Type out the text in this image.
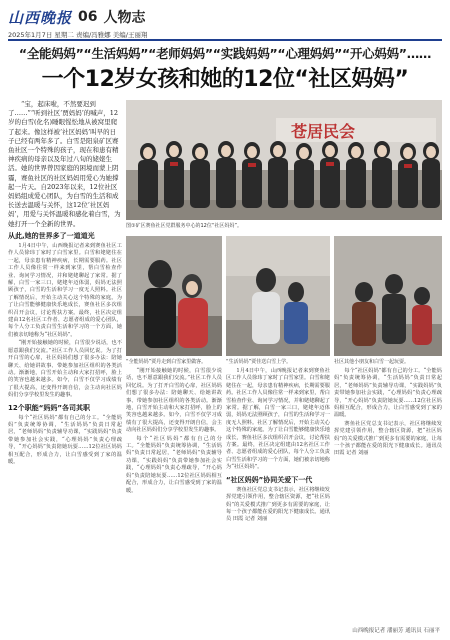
山西晚报 06 人物志
2025年1月7日 星期二 责编/冯雅娜 美编/王丽翔
“全能妈妈”“生活妈妈”“老师妈妈”“实践妈妈”“心理妈妈”“开心妈妈”……
一个12岁女孩和她的12位“社区妈妈”

“宝，起床啦，不然要迟到了……”“听到社区‘贾妈妈’的喊声，12岁的白雪(化名)睡眼惺忪地从被窝里爬了起来。像这样被‘社区妈妈’叫早的日子已经有两年多了。白雪是阳泉矿区赛鱼社区一个特殊的孩子，现在和患有精神疾病的母亲以及年过八旬的姥姥生活。她的世界曾因家庭的困境而蒙上阴霾，赛鱼社区的社区妈妈用爱心为她撑起一片天。自2023年以来，12位社区妈妈组成爱心团队，为白雪的生活和成长送去温暖与关怀，这12位‘社区妈妈’，用爱与关怀温暖和感化着白雪，为她打开一个全新的世界。

苍居民会
图①矿区赛鱼社区党群服务中心的12位“社区妈妈”。
从此,她的世界多了一道道光

1月4日中午，山西晚报记者来到赛鱼社区工作人员徐玮丁家时了白雪家里。白雪和姥姥住在一起，母亲患有精神疾病，长期需要服药。社区工作人员像往常一样来到家里，帮白雪检查作业、询问学习情况，并和姥姥聊起了家常。据了解，白雪一家三口，姥姥年迈体弱，妈妈无法照顾孩子，白雪的生活和学习一度无人照料。社区了解情况后，开始主动关心这个特殊的家庭。为了让白雪能够健康快乐地成长，赛鱼社区多次组织召开会议，讨论帮扶方案。最终，社区决定组建由12名社区工作者、志愿者组成的爱心团队，每个人分工负责白雪生活和学习的一个方面，她们被亲切地称为“社区妈妈”。

“刚开始接触她的时候，白雪很少说话，也不愿意跟我们交流。”社区工作人员回忆说。为了打开白雪的心扉，社区妈妈们想了很多办法：陪她聊天、给她讲故事、带她参加社区组织的各类活动。渐渐地，白雪开始主动和大家打招呼，脸上的笑容也越来越多。如今，白雪不仅学习成绩有了很大提高，还变得开朗自信，会主动向社区妈妈们分享学校里发生的趣事。

12个职能“妈妈”各司其职

每个“社区妈妈”都有自己的分工。“全能妈妈”负责统筹协调，“生活妈妈”负责日常起居，“老师妈妈”负责辅导功课，“实践妈妈”负责带她参加社会实践，“心理妈妈”负责心理疏导，“开心妈妈”负责陪她玩耍……12位社区妈妈相互配合，形成合力，让白雪感受到了家的温暖。

“全能妈妈”贾丹走到白雪家里做客。	“生活妈妈”贾佳送白雪上学。	社区其他小朋友和白雪一起玩耍。

“刚开始接触她的时候，白雪很少说话，也不愿意跟我们交流。”社区工作人员回忆说。为了打开白雪的心扉，社区妈妈们想了很多办法：陪她聊天、给她讲故事、带她参加社区组织的各类活动。渐渐地，白雪开始主动和大家打招呼，脸上的笑容也越来越多。如今，白雪不仅学习成绩有了很大提高，还变得开朗自信，会主动向社区妈妈们分享学校里发生的趣事。

每个“社区妈妈”都有自己的分工。“全能妈妈”负责统筹协调，“生活妈妈”负责日常起居，“老师妈妈”负责辅导功课，“实践妈妈”负责带她参加社会实践，“心理妈妈”负责心理疏导，“开心妈妈”负责陪她玩耍……12位社区妈妈相互配合，形成合力，让白雪感受到了家的温暖。

1月4日中午，山西晚报记者来到赛鱼社区工作人员徐玮丁家时了白雪家里。白雪和姥姥住在一起，母亲患有精神疾病，长期需要服药。社区工作人员像往常一样来到家里，帮白雪检查作业、询问学习情况，并和姥姥聊起了家常。据了解，白雪一家三口，姥姥年迈体弱，妈妈无法照顾孩子，白雪的生活和学习一度无人照料。社区了解情况后，开始主动关心这个特殊的家庭。为了让白雪能够健康快乐地成长，赛鱼社区多次组织召开会议，讨论帮扶方案。最终，社区决定组建由12名社区工作者、志愿者组成的爱心团队，每个人分工负责白雪生活和学习的一个方面，她们被亲切地称为“社区妈妈”。

“社区妈妈”协同关爱下一代

赛鱼社区党总支书记表示，社区将继续发挥党建引领作用，整合辖区资源，把“社区妈妈”的关爱模式推广到更多有需要的家庭，让每一个孩子都能在爱的阳光下健康成长。通讯员 田霞 记者 刘丽

每个“社区妈妈”都有自己的分工。“全能妈妈”负责统筹协调，“生活妈妈”负责日常起居，“老师妈妈”负责辅导功课，“实践妈妈”负责带她参加社会实践，“心理妈妈”负责心理疏导，“开心妈妈”负责陪她玩耍……12位社区妈妈相互配合，形成合力，让白雪感受到了家的温暖。

赛鱼社区党总支书记表示，社区将继续发挥党建引领作用，整合辖区资源，把“社区妈妈”的关爱模式推广到更多有需要的家庭，让每一个孩子都能在爱的阳光下健康成长。通讯员 田霞 记者 刘丽

山西晚报记者 潘丽芳 通讯员 石丽平
